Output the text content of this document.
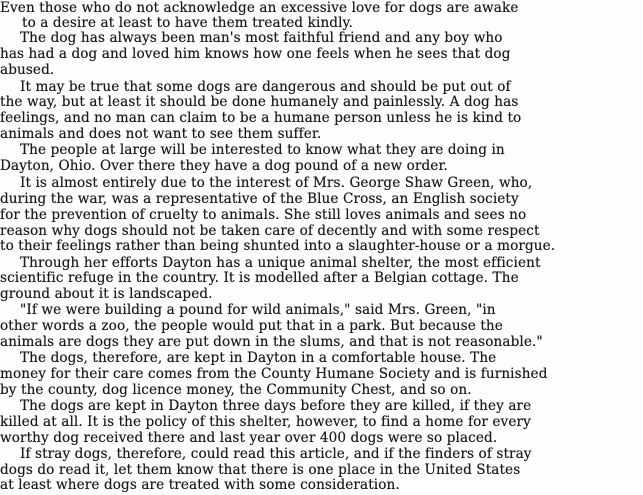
Even those who do not acknowledge an excessive love for dogs are awake
to a desire at least to have them treated kindly.
The dog has always been man's most faithful friend and any boy who
has had a dog and loved him knows how one feels when he sees that dog
abused.
It may be true that some dogs are dangerous and should be put out of
the way, but at least it should be done humanely and painlessly. A dog has
feelings, and no man can claim to be a humane person unless he is kind to
animals and does not want to see them suffer.
The people at large will be interested to know what they are doing in
Dayton, Ohio. Over there they have a dog pound of a new order.
It is almost entirely due to the interest of Mrs. George Shaw Green, who,
during the war, was a representative of the Blue Cross, an English society
for the prevention of cruelty to animals. She still loves animals and sees no
reason why dogs should not be taken care of decently and with some respect
to their feelings rather than being shunted into a slaughter-house or a morgue.
Through her efforts Dayton has a unique animal shelter, the most efficient
scientific refuge in the country. It is modelled after a Belgian cottage. The
ground about it is landscaped.
"If we were building a pound for wild animals," said Mrs. Green, "in
other words a zoo, the people would put that in a park. But because the
animals are dogs they are put down in the slums, and that is not reasonable."
The dogs, therefore, are kept in Dayton in a comfortable house. The
money for their care comes from the County Humane Society and is furnished
by the county, dog licence money, the Community Chest, and so on.
The dogs are kept in Dayton three days before they are killed, if they are
killed at all. It is the policy of this shelter, however, to find a home for every
worthy dog received there and last year over 400 dogs were so placed.
If stray dogs, therefore, could read this article, and if the finders of stray
dogs do read it, let them know that there is one place in the United States
at least where dogs are treated with some consideration.
